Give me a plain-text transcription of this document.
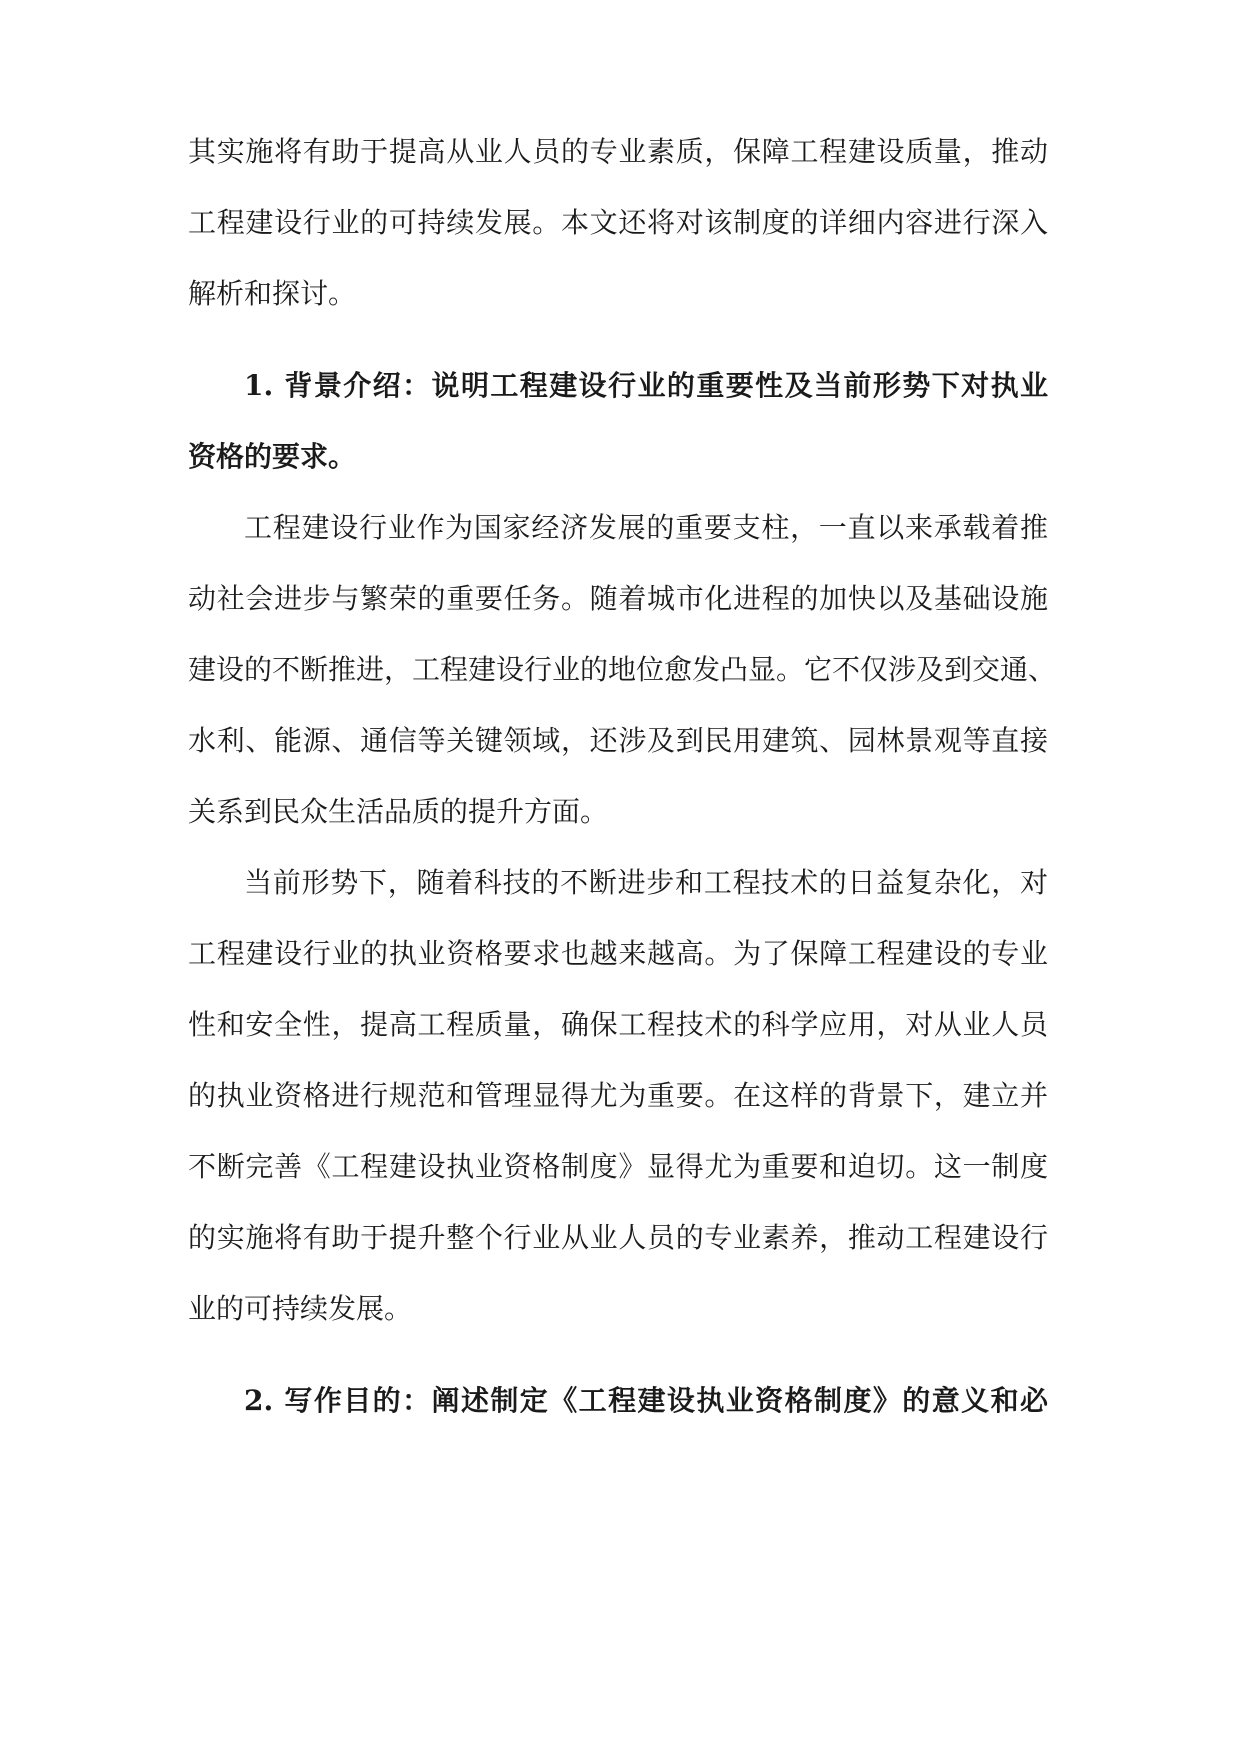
其实施将有助于提高从业人员的专业素质，保障工程建设质量，推动
工程建设行业的可持续发展。本文还将对该制度的详细内容进行深入
解析和探讨。
1. 背景介绍：说明工程建设行业的重要性及当前形势下对执业
资格的要求。
工程建设行业作为国家经济发展的重要支柱，一直以来承载着推
动社会进步与繁荣的重要任务。随着城市化进程的加快以及基础设施
建设的不断推进，工程建设行业的地位愈发凸显。它不仅涉及到交通、
水利、能源、通信等关键领域，还涉及到民用建筑、园林景观等直接
关系到民众生活品质的提升方面。
当前形势下，随着科技的不断进步和工程技术的日益复杂化，对
工程建设行业的执业资格要求也越来越高。为了保障工程建设的专业
性和安全性，提高工程质量，确保工程技术的科学应用，对从业人员
的执业资格进行规范和管理显得尤为重要。在这样的背景下，建立并
不断完善《工程建设执业资格制度》显得尤为重要和迫切。这一制度
的实施将有助于提升整个行业从业人员的专业素养，推动工程建设行
业的可持续发展。
2. 写作目的：阐述制定《工程建设执业资格制度》的意义和必
